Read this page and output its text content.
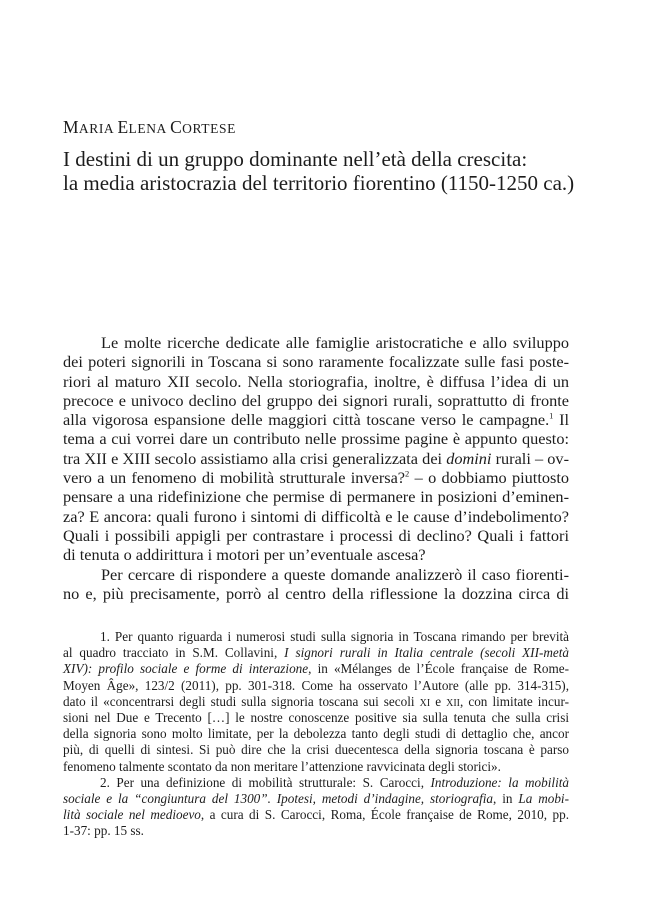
MARIA ELENA CORTESE
I destini di un gruppo dominante nell’età della crescita:
la media aristocrazia del territorio fiorentino (1150-1250 ca.)
Le molte ricerche dedicate alle famiglie aristocratiche e allo sviluppo
dei poteri signorili in Toscana si sono raramente focalizzate sulle fasi poste-
riori al maturo XII secolo. Nella storiografia, inoltre, è diffusa l’idea di un
precoce e univoco declino del gruppo dei signori rurali, soprattutto di fronte
alla vigorosa espansione delle maggiori città toscane verso le campagne.$^1$ Il
tema a cui vorrei dare un contributo nelle prossime pagine è appunto questo:
tra XII e XIII secolo assistiamo alla crisi generalizzata dei domini rurali – ov-
vero a un fenomeno di mobilità strutturale inversa?$^2$ – o dobbiamo piuttosto
pensare a una ridefinizione che permise di permanere in posizioni d’eminen-
za? E ancora: quali furono i sintomi di difficoltà e le cause d’indebolimento?
Quali i possibili appigli per contrastare i processi di declino? Quali i fattori
di tenuta o addirittura i motori per un’eventuale ascesa?
Per cercare di rispondere a queste domande analizzerò il caso fiorenti-
no e, più precisamente, porrò al centro della riflessione la dozzina circa di
1. Per quanto riguarda i numerosi studi sulla signoria in Toscana rimando per brevità
al quadro tracciato in S.M. Collavini, I signori rurali in Italia centrale (secoli XII-metà
XIV): profilo sociale e forme di interazione, in «Mélanges de l’École française de Rome-
Moyen Âge», 123/2 (2011), pp. 301-318. Come ha osservato l’Autore (alle pp. 314-315),
dato il «concentrarsi degli studi sulla signoria toscana sui secoli XI e XII, con limitate incur-
sioni nel Due e Trecento […] le nostre conoscenze positive sia sulla tenuta che sulla crisi
della signoria sono molto limitate, per la debolezza tanto degli studi di dettaglio che, ancor
più, di quelli di sintesi. Si può dire che la crisi duecentesca della signoria toscana è parso
fenomeno talmente scontato da non meritare l’attenzione ravvicinata degli storici».
2. Per una definizione di mobilità strutturale: S. Carocci, Introduzione: la mobilità
sociale e la “congiuntura del 1300”. Ipotesi, metodi d’indagine, storiografia, in La mobi-
lità sociale nel medioevo, a cura di S. Carocci, Roma, École française de Rome, 2010, pp.
1-37: pp. 15 ss.
